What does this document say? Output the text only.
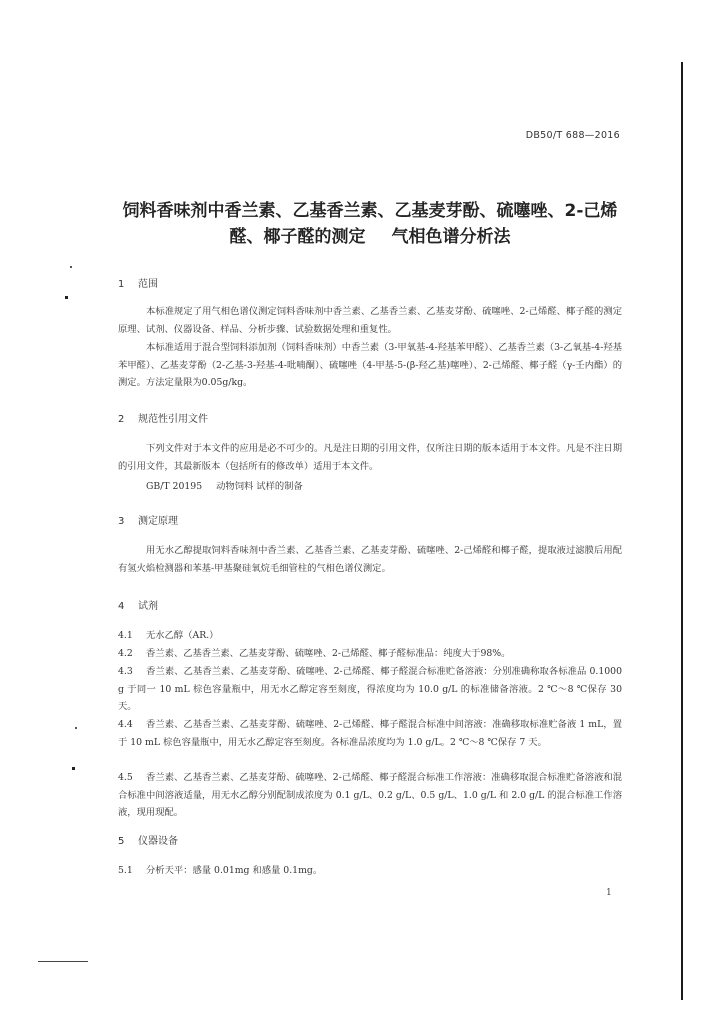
DB50/T 688—2016
饲料香味剂中香兰素、乙基香兰素、乙基麦芽酚、硫噻唑、2-己烯
醛、椰子醛的测定 气相色谱分析法
1 范围
本标准规定了用气相色谱仪测定饲料香味剂中香兰素、乙基香兰素、乙基麦芽酚、硫噻唑、2-己烯醛、椰子醛的测定原理、试剂、仪器设备、样品、分析步骤、试验数据处理和重复性。
本标准适用于混合型饲料添加剂（饲料香味剂）中香兰素（3-甲氧基-4-羟基苯甲醛）、乙基香兰素（3-乙氧基-4-羟基苯甲醛）、乙基麦芽酚（2-乙基-3-羟基-4-吡喃酮）、硫噻唑（4-甲基-5-(β-羟乙基)噻唑）、2-己烯醛、椰子醛（γ-壬内酯）的测定。方法定量限为0.05g/kg。
2 规范性引用文件
下列文件对于本文件的应用是必不可少的。凡是注日期的引用文件，仅所注日期的版本适用于本文件。凡是不注日期的引用文件，其最新版本（包括所有的修改单）适用于本文件。
GB/T 20195 动物饲料 试样的制备
3 测定原理
用无水乙醇提取饲料香味剂中香兰素、乙基香兰素、乙基麦芽酚、硫噻唑、2-己烯醛和椰子醛，提取液过滤膜后用配有氢火焰检测器和苯基-甲基聚硅氧烷毛细管柱的气相色谱仪测定。
4 试剂
4.1 无水乙醇（AR.）
4.2 香兰素、乙基香兰素、乙基麦芽酚、硫噻唑、2-己烯醛、椰子醛标准品：纯度大于98%。
4.3 香兰素、乙基香兰素、乙基麦芽酚、硫噻唑、2-己烯醛、椰子醛混合标准贮备溶液：分别准确称取各标准品 0.1000 g 于同一 10 mL 棕色容量瓶中，用无水乙醇定容至刻度，得浓度均为 10.0 g/L 的标准储备溶液。2 ℃～8 ℃保存 30 天。
4.4 香兰素、乙基香兰素、乙基麦芽酚、硫噻唑、2-己烯醛、椰子醛混合标准中间溶液：准确移取标准贮备液 1 mL，置于 10 mL 棕色容量瓶中，用无水乙醇定容至刻度。各标准品浓度均为 1.0 g/L。2 ℃～8 ℃保存 7 天。
4.5 香兰素、乙基香兰素、乙基麦芽酚、硫噻唑、2-己烯醛、椰子醛混合标准工作溶液：准确移取混合标准贮备溶液和混合标准中间溶液适量，用无水乙醇分别配制成浓度为 0.1 g/L、0.2 g/L、0.5 g/L、1.0 g/L 和 2.0 g/L 的混合标准工作溶液，现用现配。
5 仪器设备
5.1 分析天平：感量 0.01mg 和感量 0.1mg。
1
